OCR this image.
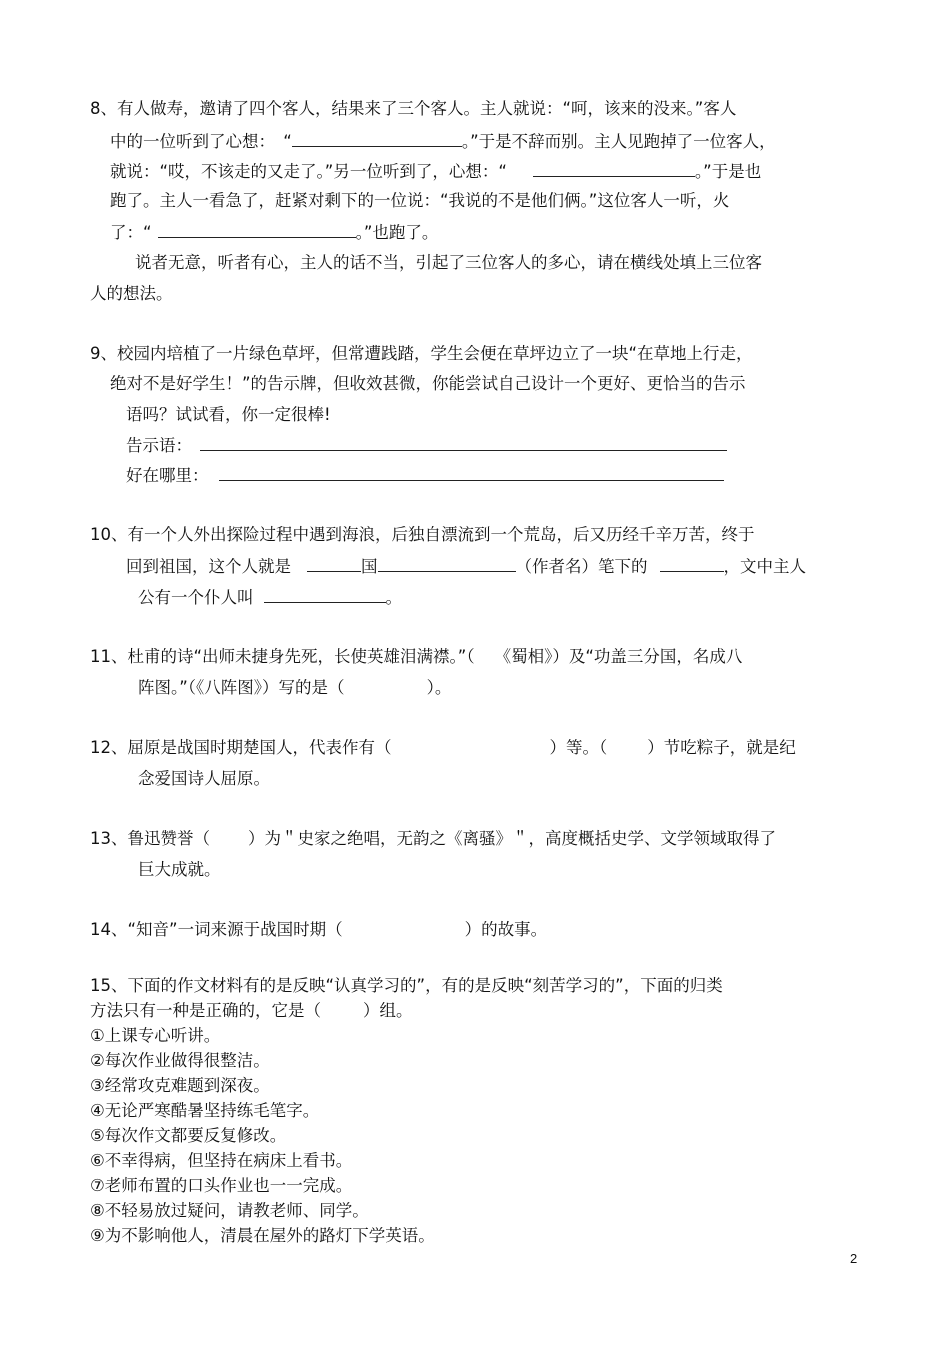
8、有人做寿，邀请了四个客人，结果来了三个客人。主人就说：“呵，该来的没来。”客人
中的一位听到了心想：　“	。”于是不辞而别。主人见跑掉了一位客人，
就说：“哎，不该走的又走了。”另一位听到了，心想：“	。”于是也
跑了。主人一看急了，赶紧对剩下的一位说：“我说的不是他们俩。”这位客人一听，火
了：“	。”也跑了。
说者无意，听者有心，主人的话不当，引起了三位客人的多心，请在横线处填上三位客
人的想法。
9、校园内培植了一片绿色草坪，但常遭践踏，学生会便在草坪边立了一块“在草地上行走，
绝对不是好学生！”的告示牌，但收效甚微，你能尝试自己设计一个更好、更恰当的告示
语吗？试试看，你一定很棒!
告示语：
好在哪里：
10、有一个人外出探险过程中遇到海浪，后独自漂流到一个荒岛，后又历经千辛万苦，终于
回到祖国，这个人就是	国	（作者名）笔下的	，文中主人
公有一个仆人叫	。
11、杜甫的诗“出师未捷身先死，长使英雄泪满襟。”（ 《蜀相》）及“功盖三分国，名成八
阵图。”（《八阵图》）写的是（	）。
12、屈原是战国时期楚国人，代表作有（	）等。（ ）节吃粽子，就是纪
念爱国诗人屈原。
13、鲁迅赞誉（ ）为＂史家之绝唱，无韵之《离骚》＂，高度概括史学、文学领域取得了
巨大成就。
14、“知音”一词来源于战国时期（	）的故事。
15、下面的作文材料有的是反映“认真学习的”，有的是反映“刻苦学习的”，下面的归类
方法只有一种是正确的，它是（	）组。
①上课专心听讲。
②每次作业做得很整洁。
③经常攻克难题到深夜。
④无论严寒酷暑坚持练毛笔字。
⑤每次作文都要反复修改。
⑥不幸得病，但坚持在病床上看书。
⑦老师布置的口头作业也一一完成。
⑧不轻易放过疑问，请教老师、同学。
⑨为不影响他人，清晨在屋外的路灯下学英语。
2
